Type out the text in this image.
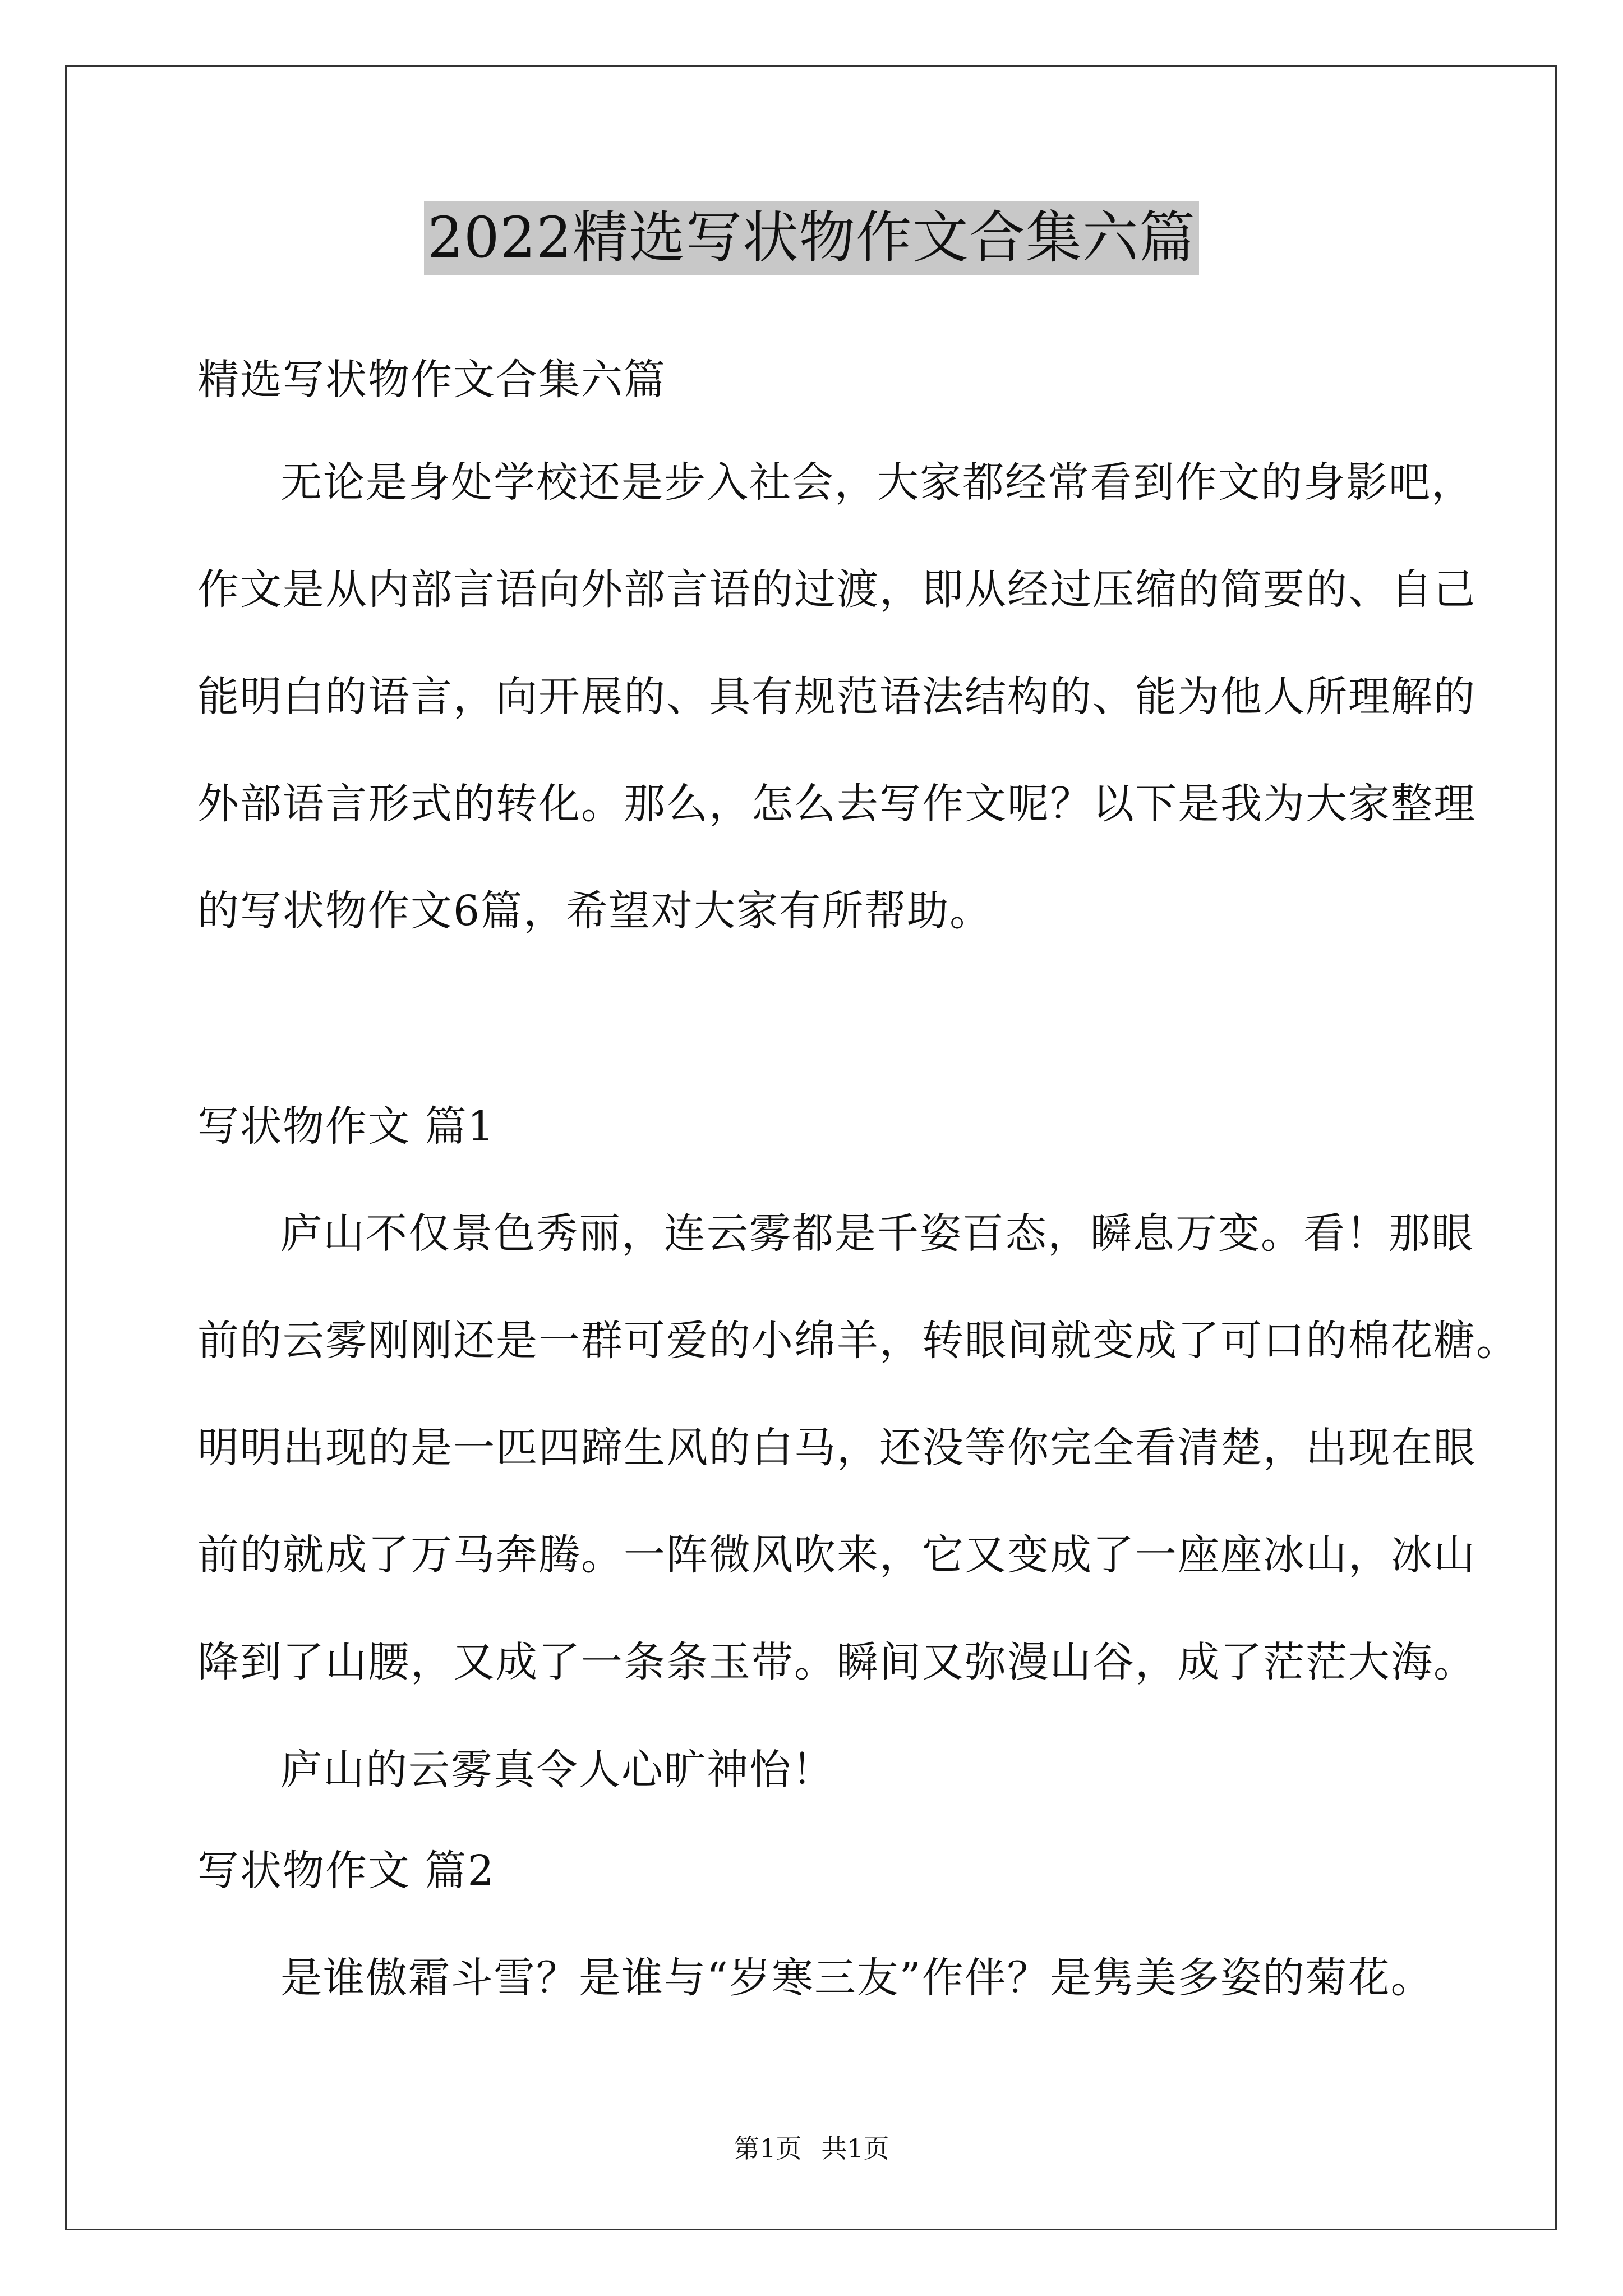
2022精选写状物作文合集六篇
精选写状物作文合集六篇
无论是身处学校还是步入社会，大家都经常看到作文的身影吧，
作文是从内部言语向外部言语的过渡，即从经过压缩的简要的、自己
能明白的语言，向开展的、具有规范语法结构的、能为他人所理解的
外部语言形式的转化。那么，怎么去写作文呢？以下是我为大家整理
的写状物作文6篇，希望对大家有所帮助。
写状物作文 篇1
庐山不仅景色秀丽，连云雾都是千姿百态，瞬息万变。看！那眼
前的云雾刚刚还是一群可爱的小绵羊，转眼间就变成了可口的棉花糖。
明明出现的是一匹四蹄生风的白马，还没等你完全看清楚，出现在眼
前的就成了万马奔腾。一阵微风吹来，它又变成了一座座冰山，冰山
降到了山腰，又成了一条条玉带。瞬间又弥漫山谷，成了茫茫大海。
庐山的云雾真令人心旷神怡！
写状物作文 篇2
是谁傲霜斗雪？是谁与“岁寒三友”作伴？是隽美多姿的菊花。
第1页 共1页
